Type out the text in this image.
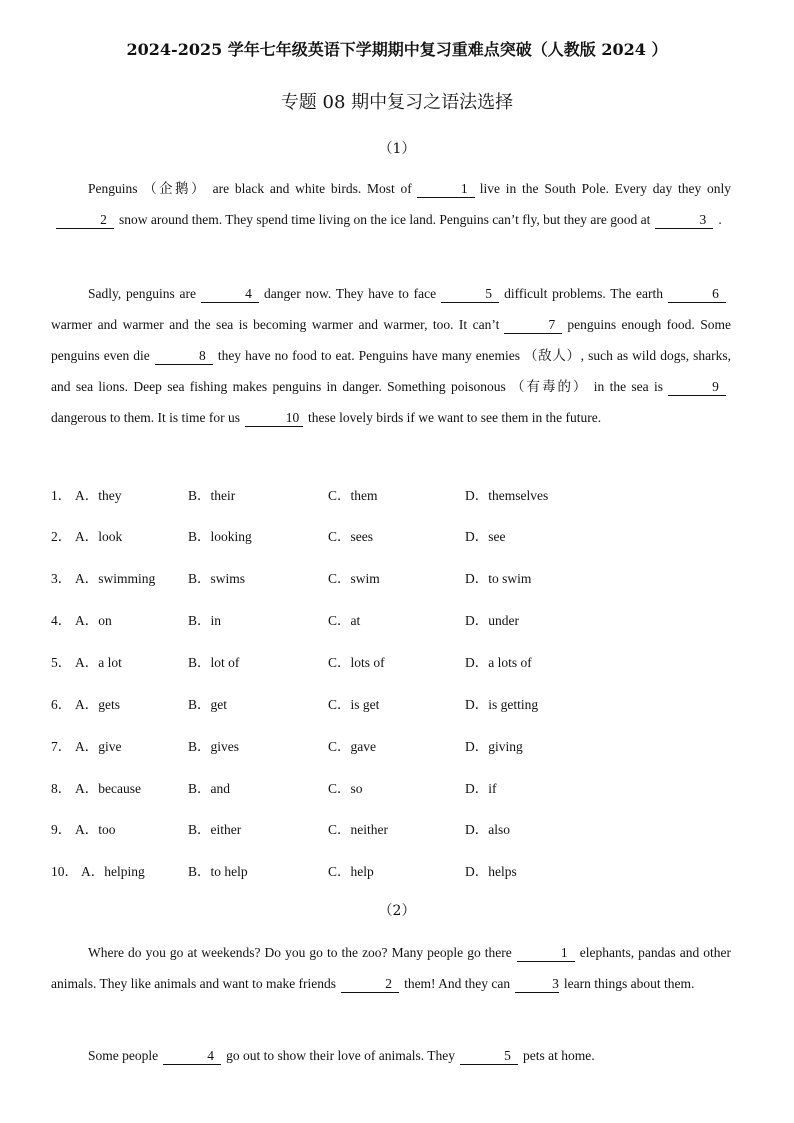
2024-2025 学年七年级英语下学期期中复习重难点突破（人教版 2024 ）
专题 08 期中复习之语法选择
（1）
Penguins （企鹅） are black and white birds. Most of	1 live in the South Pole. Every day they only2 snow around them. They spend time living on the ice land. Penguins can’t fly, but they are good at	3 .
Sadly, penguins are	4 danger now. They have to face	5 difficult problems. The earth	6warmer and warmer and the sea is becoming warmer and warmer, too. It can’t	7 penguins enough food. Some penguins even die	8 they have no food to eat. Penguins have many enemies （敌人）, such as wild dogs, sharks, and sea lions. Deep sea fishing makes penguins in danger. Something poisonous （有毒的） in the sea is	9dangerous to them. It is time for us	10 these lovely birds if we want to see them in the future.
1． A．they	B．their	C．them	D．themselves
2． A．look	B．looking	C．sees	D．see
3． A．swimming B．swims	C．swim	D．to swim
4． A．on	B．in	C．at	D．under
5． A．a lot	B．lot of	C．lots of	D．a lots of
6． A．gets	B．get	C．is get	D．is getting
7． A．give	B．gives	C．gave	D．giving
8． A．because	B．and	C．so	D．if
9． A．too	B．either	C．neither	D．also
10． A．helping	B．to help	C．help	D．helps
（2）
Where do you go at weekends? Do you go to the zoo? Many people go there	1 elephants, pandas and other animals. They like animals and want to make friends	2 them! And they can	3 learn things about them.
Some people	4 go out to show their love of animals. They	5 pets at home.
